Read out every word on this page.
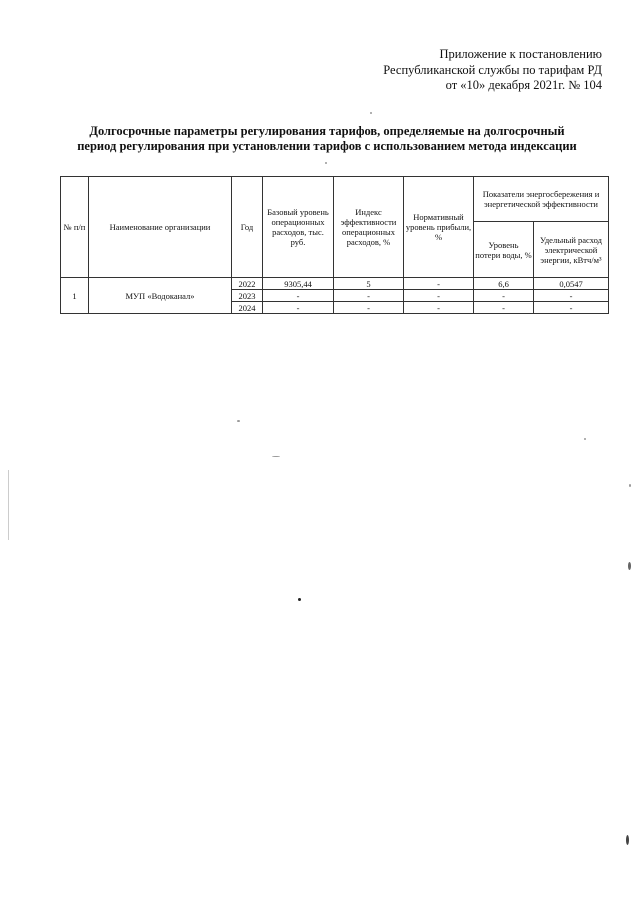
Приложение к постановлению
Республиканской службы по тарифам РД
от «10» декабря 2021г. № 104
Долгосрочные параметры регулирования тарифов, определяемые на долгосрочный
период регулирования при установлении тарифов с использованием метода индексации
№ п/п	Наименование организации	Год	Базовый уровень операционных расходов, тыс. руб.	Индекс эффективности операционных расходов, %	Нормативный уровень прибыли, %	Показатели энергосбережения и энергетической эффективности	
						Уровень потери воды, %	Удельный расход электрической энергии, кВтч/м³
1	МУП «Водоканал»	2022	9305,44	5	-	6,6	0,0547
		2023	-	-	-	-	-
		2024	-	-	-	-	-
